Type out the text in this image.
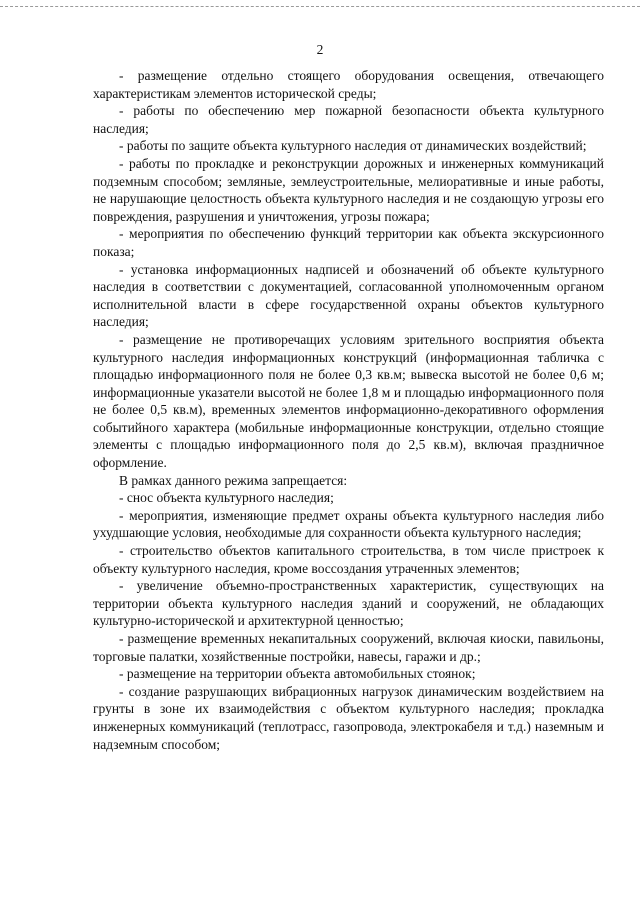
2

- размещение отдельно стоящего оборудования освещения, отвечающего характеристикам элементов исторической среды;

- работы по обеспечению мер пожарной безопасности объекта культурного наследия;

- работы по защите объекта культурного наследия от динамических воздействий;

- работы по прокладке и реконструкции дорожных и инженерных коммуникаций подземным способом; земляные, землеустроительные, мелиоративные и иные работы, не нарушающие целостность объекта культурного наследия и не создающую угрозы его повреждения, разрушения и уничтожения, угрозы пожара;

- мероприятия по обеспечению функций территории как объекта экскурсионного показа;

- установка информационных надписей и обозначений об объекте культурного наследия в соответствии с документацией, согласованной уполномоченным органом исполнительной власти в сфере государственной охраны объектов культурного наследия;

- размещение не противоречащих условиям зрительного восприятия объекта культурного наследия информационных конструкций (информационная табличка с площадью информационного поля не более 0,3 кв.м; вывеска высотой не более 0,6 м; информационные указатели высотой не более 1,8 м и площадью информационного поля не более 0,5 кв.м), временных элементов информационно-декоративного оформления событийного характера (мобильные информационные конструкции, отдельно стоящие элементы с площадью информационного поля до 2,5 кв.м), включая праздничное оформление.

В рамках данного режима запрещается:

- снос объекта культурного наследия;

- мероприятия, изменяющие предмет охраны объекта культурного наследия либо ухудшающие условия, необходимые для сохранности объекта культурного наследия;

- строительство объектов капитального строительства, в том числе пристроек к объекту культурного наследия, кроме воссоздания утраченных элементов;

- увеличение объемно-пространственных характеристик, существующих на территории объекта культурного наследия зданий и сооружений, не обладающих культурно-исторической и архитектурной ценностью;

- размещение временных некапитальных сооружений, включая киоски, павильоны, торговые палатки, хозяйственные постройки, навесы, гаражи и др.;

- размещение на территории объекта автомобильных стоянок;

- создание разрушающих вибрационных нагрузок динамическим воздействием на грунты в зоне их взаимодействия с объектом культурного наследия; прокладка инженерных коммуникаций (теплотрасс, газопровода, электрокабеля и т.д.) наземным и надземным способом;
